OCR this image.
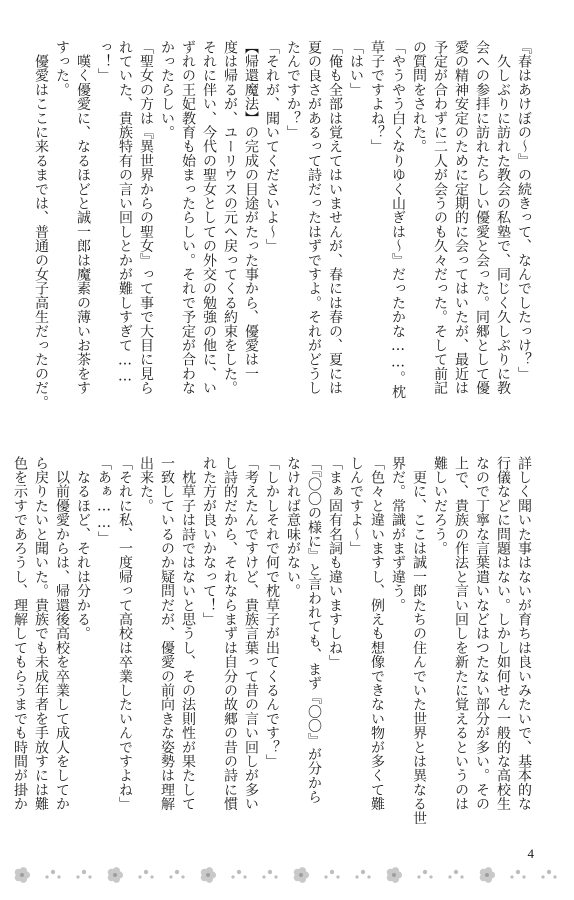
『春はあけぼの〜』の続きって、なんでしたっけ？」
　久しぶりに訪れた教会の私塾で、同じく久しぶりに教
会への参拝に訪れたらしい優愛と会った。同郷として優
愛の精神安定のために定期的に会ってはいたが、最近は
予定が合わずに二人が会うのも久々だった。そして前記
の質問をされた。
「やうやう白くなりゆく山ぎは〜』だったかな……。枕
草子ですよね？」
「はい」
「俺も全部は覚えてはいませんが、春には春の、夏には
夏の良さがあるって詩だったはずですよ。それがどうし
たんですか？」
「それが、聞いてくださいよ〜」
【帰還魔法】の完成の目途がたった事から、優愛は一
度は帰るが、ユーリウスの元へ戻ってくる約束をした。
それに伴い、今代の聖女としての外交の勉強の他に、い
ずれの王妃教育も始まったらしい。それで予定が合わな
かったらしい。
「聖女の方は『異世界からの聖女』って事で大目に見ら
れていた、貴族特有の言い回しとかが難しすぎて……
っ！」
　嘆く優愛に、なるほどと誠一郎は魔素の薄いお茶をす
すった。
　優愛はここに来るまでは、普通の女子高生だったのだ。
詳しく聞いた事はないが育ちは良いみたいで、基本的な
行儀などに問題はない。しかし如何せん一般的な高校生
なので丁寧な言葉遣いなどはつたない部分が多い。その
上で、貴族の作法と言い回しを新たに覚えるというのは
難しいだろう。
　更に、ここは誠一郎たちの住んでいた世界とは異なる世
界だ。常識がまず違う。
「色々と違いますし、例えも想像できない物が多くて難
しんですよ〜」
「まぁ固有名詞も違いますしね」
「『〇〇の様に』と言われても、まず『〇〇』が分から
なければ意味がない。
「しかしそれで何で枕草子が出てくるんです？」
「考えたんですけど、貴族言葉って昔の言い回しが多い
し詩的だから、それならまずは自分の故郷の昔の詩に慣
れた方が良いかなって！」
　枕草子は詩ではないと思うし、その法則性が果たして
一致しているのか疑問だが、優愛の前向きな姿勢は理解
出来た。
「それに私、一度帰って高校は卒業したいんですよね」
「あぁ……」
　なるほど、それは分かる。
　以前優愛からは、帰還後高校を卒業して成人をしてか
ら戻りたいと聞いた。貴族でも未成年者を手放すには難
色を示すであろうし、理解してもらうまでも時間が掛か
4
